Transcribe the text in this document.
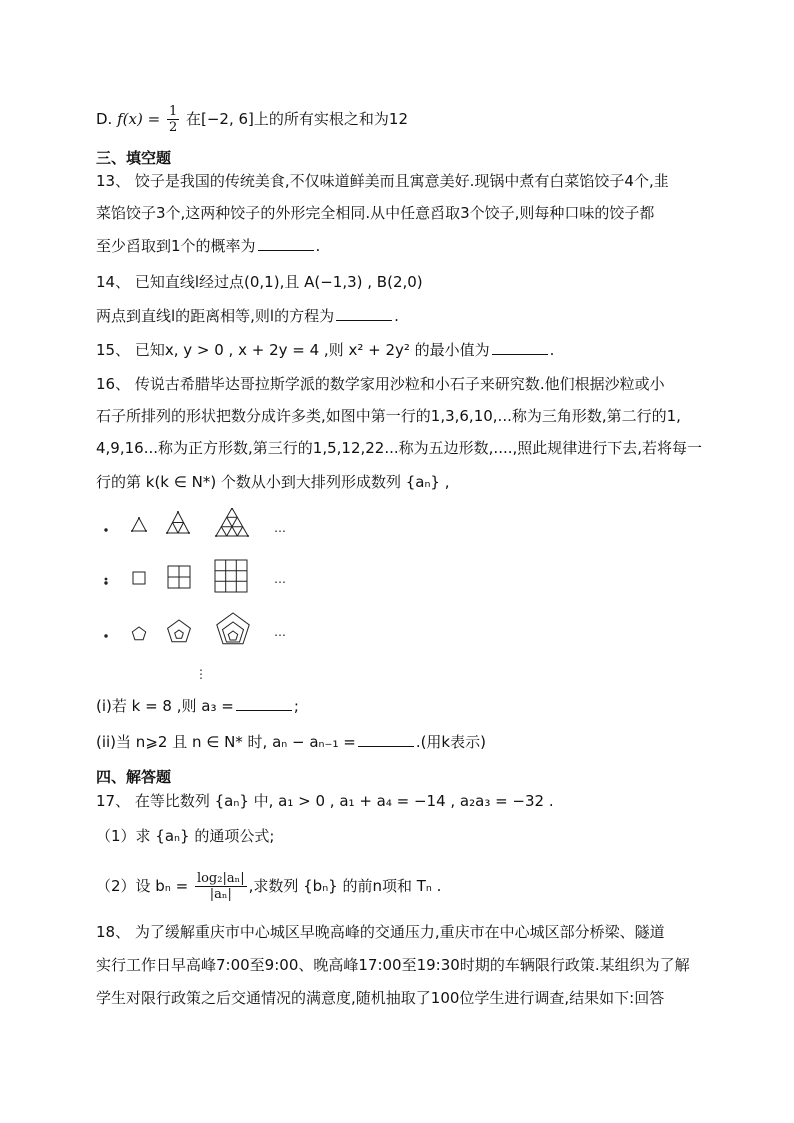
D. $f(x) = \frac{1}{2}$ 在[−2, 6]上的所有实根之和为12
三、填空题
13、 饺子是我国的传统美食,不仅味道鲜美而且寓意美好.现锅中煮有白菜馅饺子4个,韭
菜馅饺子3个,这两种饺子的外形完全相同.从中任意舀取3个饺子,则每种口味的饺子都
至少舀取到1个的概率为	.
14、 已知直线l经过点(0,1),且 A(−1,3) , B(2,0)
两点到直线l的距离相等,则l的方程为	.
15、 已知x, y > 0 , x + 2y = 4 ,则 x² + 2y² 的最小值为	.
16、 传说古希腊毕达哥拉斯学派的数学家用沙粒和小石子来研究数.他们根据沙粒或小
石子所排列的形状把数分成许多类,如图中第一行的1,3,6,10,...称为三角形数,第二行的1,
4,9,16...称为正方形数,第三行的1,5,12,22...称为五边形数,....,照此规律进行下去,若将每一
行的第 k(k ∈ N*) 个数从小到大排列形成数列 {aₙ} ,
…
…
…
⋮
(i)若 k = 8 ,则 a₃ =	;
(ii)当 n⩾2 且 n ∈ N* 时, aₙ − aₙ₋₁ =	.(用k表示)
四、解答题
17、 在等比数列 {aₙ} 中, a₁ > 0 , a₁ + a₄ = −14 , a₂a₃ = −32 .
（1）求 {aₙ} 的通项公式;
（2）设 $b_n = \frac{\text{log₂|aₙ|}}{\text{|aₙ|}}$ ,求数列 {bₙ} 的前n项和 Tₙ .
18、 为了缓解重庆市中心城区早晚高峰的交通压力,重庆市在中心城区部分桥梁、隧道
实行工作日早高峰7:00至9:00、晚高峰17:00至19:30时期的车辆限行政策.某组织为了解
学生对限行政策之后交通情况的满意度,随机抽取了100位学生进行调查,结果如下:回答
